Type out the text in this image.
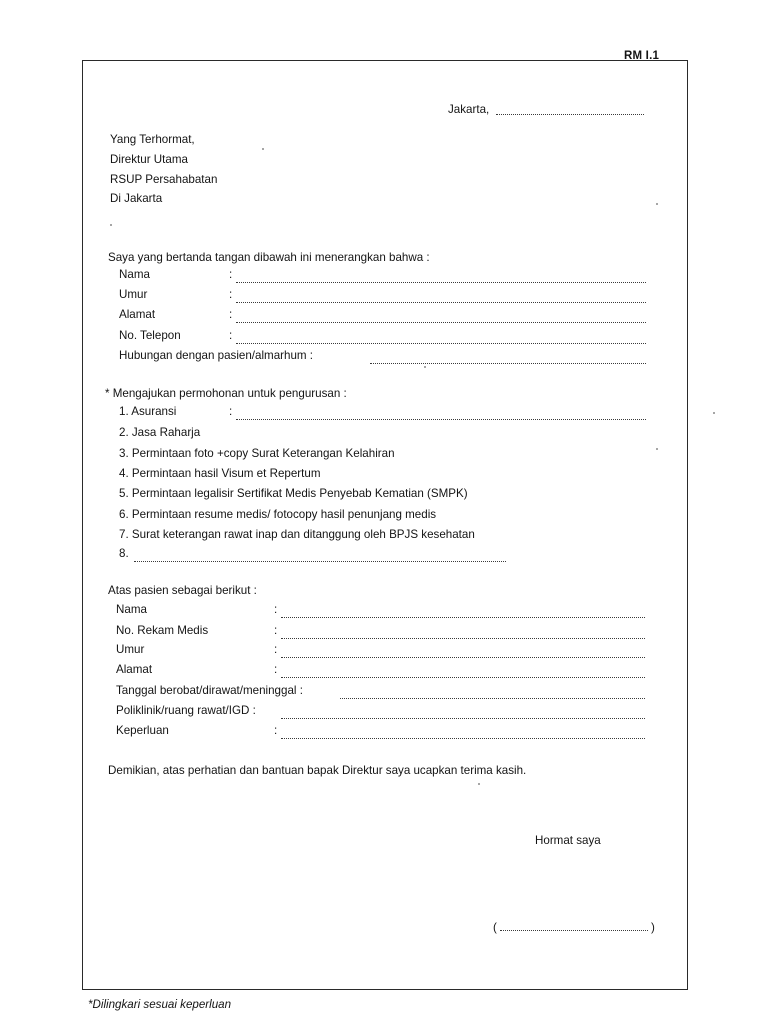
RM I.1
Jakarta,
Yang Terhormat,
Direktur Utama
RSUP Persahabatan
Di Jakarta
Saya yang bertanda tangan dibawah ini menerangkan bahwa :
Nama	:
Umur	:
Alamat	:
No. Telepon	:
Hubungan dengan pasien/almarhum :
* Mengajukan permohonan untuk pengurusan :
1. Asuransi	:
2. Jasa Raharja
3. Permintaan foto +copy Surat Keterangan Kelahiran
4. Permintaan hasil Visum et Repertum
5. Permintaan legalisir Sertifikat Medis Penyebab Kematian (SMPK)
6. Permintaan resume medis/ fotocopy hasil penunjang medis
7. Surat keterangan rawat inap dan ditanggung oleh BPJS kesehatan
8.
Atas pasien sebagai berikut :
Nama	:
No. Rekam Medis	:
Umur	:
Alamat	:
Tanggal berobat/dirawat/meninggal :
Poliklinik/ruang rawat/IGD :
Keperluan	:
Demikian, atas perhatian dan bantuan bapak Direktur saya ucapkan terima kasih.
Hormat saya
(	)
*Dilingkari sesuai keperluan
